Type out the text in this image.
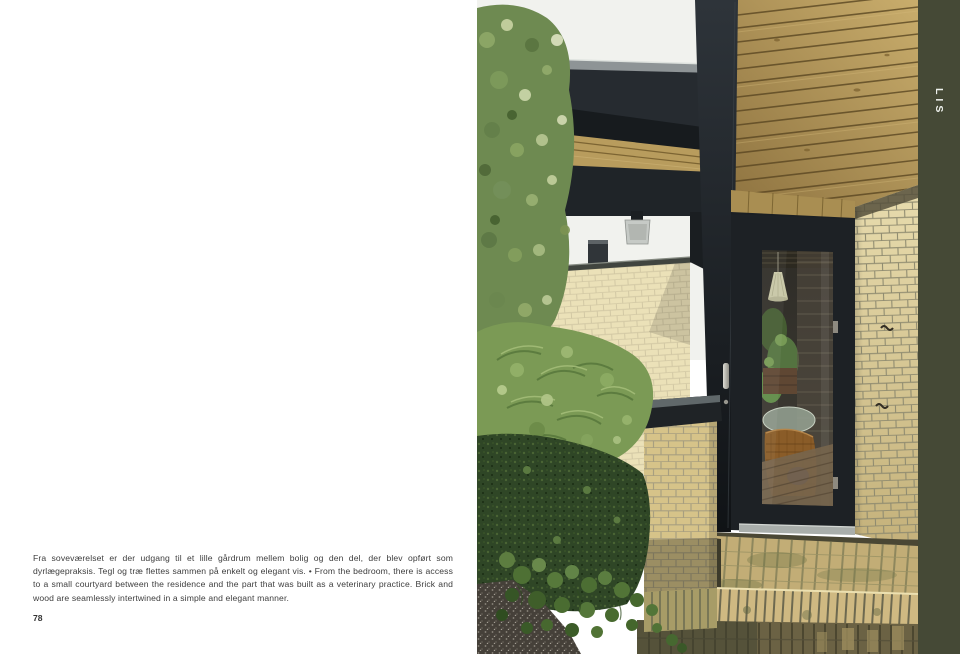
Fra soveværelset er der udgang til et lille gårdrum mellem bolig og den del, der blev opført som dyrlægepraksis. Tegl og træ flettes sammen på enkelt og elegant vis. • From the bedroom, there is access to a small courtyard between the residence and the part that was built as a veterinary practice. Brick and wood are seamlessly intertwined in a simple and elegant manner.

78
LIS
